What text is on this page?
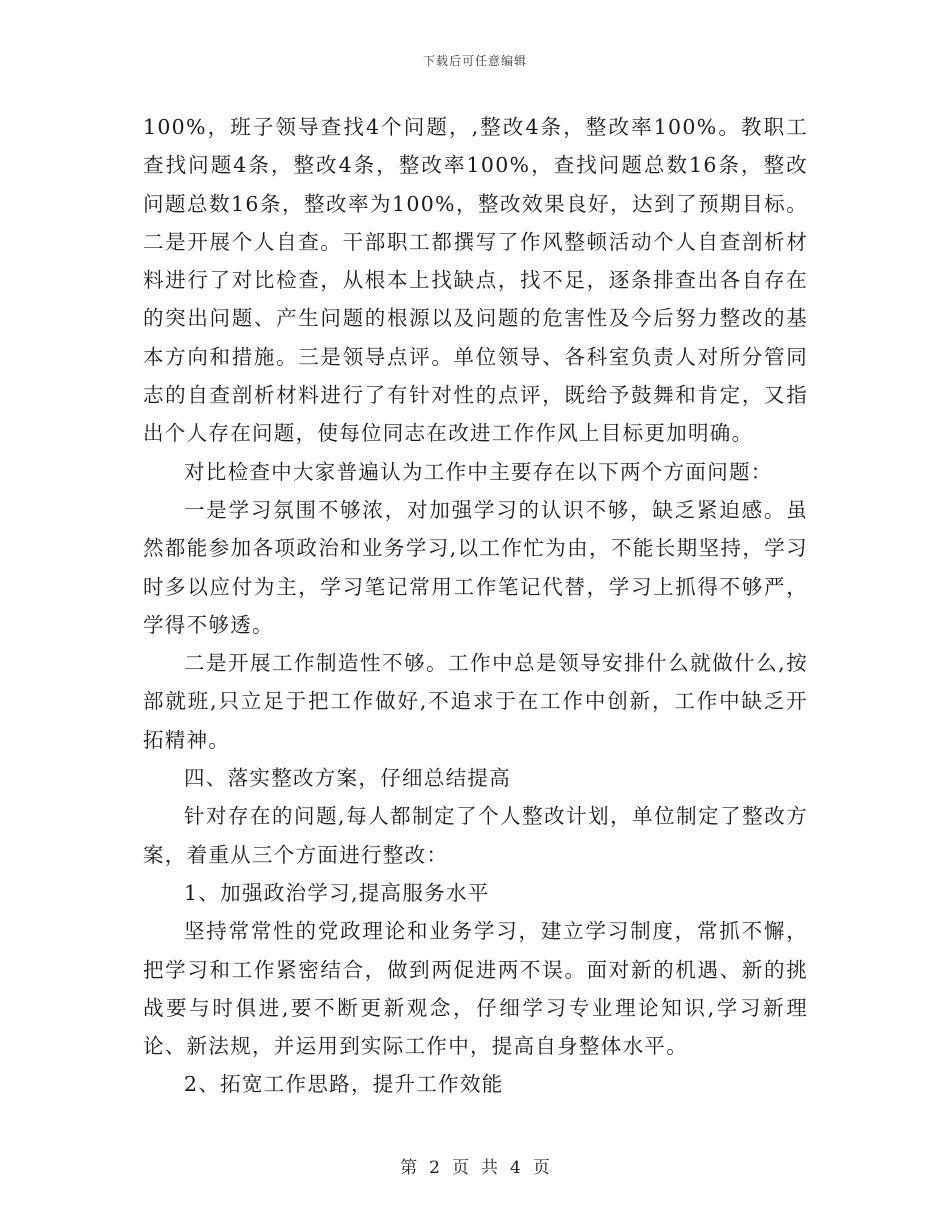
下载后可任意编辑

100%，班子领导查找4个问题，,整改4条，整改率100%。教职工查找问题4条，整改4条，整改率100%，查找问题总数16条，整改问题总数16条，整改率为100%，整改效果良好，达到了预期目标。二是开展个人自查。干部职工都撰写了作风整顿活动个人自查剖析材料进行了对比检查，从根本上找缺点，找不足，逐条排查出各自存在的突出问题、产生问题的根源以及问题的危害性及今后努力整改的基本方向和措施。三是领导点评。单位领导、各科室负责人对所分管同志的自查剖析材料进行了有针对性的点评，既给予鼓舞和肯定，又指出个人存在问题，使每位同志在改进工作作风上目标更加明确。

对比检查中大家普遍认为工作中主要存在以下两个方面问题：

一是学习氛围不够浓，对加强学习的认识不够，缺乏紧迫感。虽然都能参加各项政治和业务学习,以工作忙为由，不能长期坚持，学习时多以应付为主，学习笔记常用工作笔记代替，学习上抓得不够严，学得不够透。

二是开展工作制造性不够。工作中总是领导安排什么就做什么,按部就班,只立足于把工作做好,不追求于在工作中创新，工作中缺乏开拓精神。

四、落实整改方案，仔细总结提高

针对存在的问题,每人都制定了个人整改计划，单位制定了整改方案，着重从三个方面进行整改：

1、加强政治学习,提高服务水平

坚持常常性的党政理论和业务学习，建立学习制度，常抓不懈，把学习和工作紧密结合，做到两促进两不误。面对新的机遇、新的挑战要与时俱进,要不断更新观念，仔细学习专业理论知识,学习新理论、新法规，并运用到实际工作中，提高自身整体水平。

2、拓宽工作思路，提升工作效能

第 2 页 共 4 页
